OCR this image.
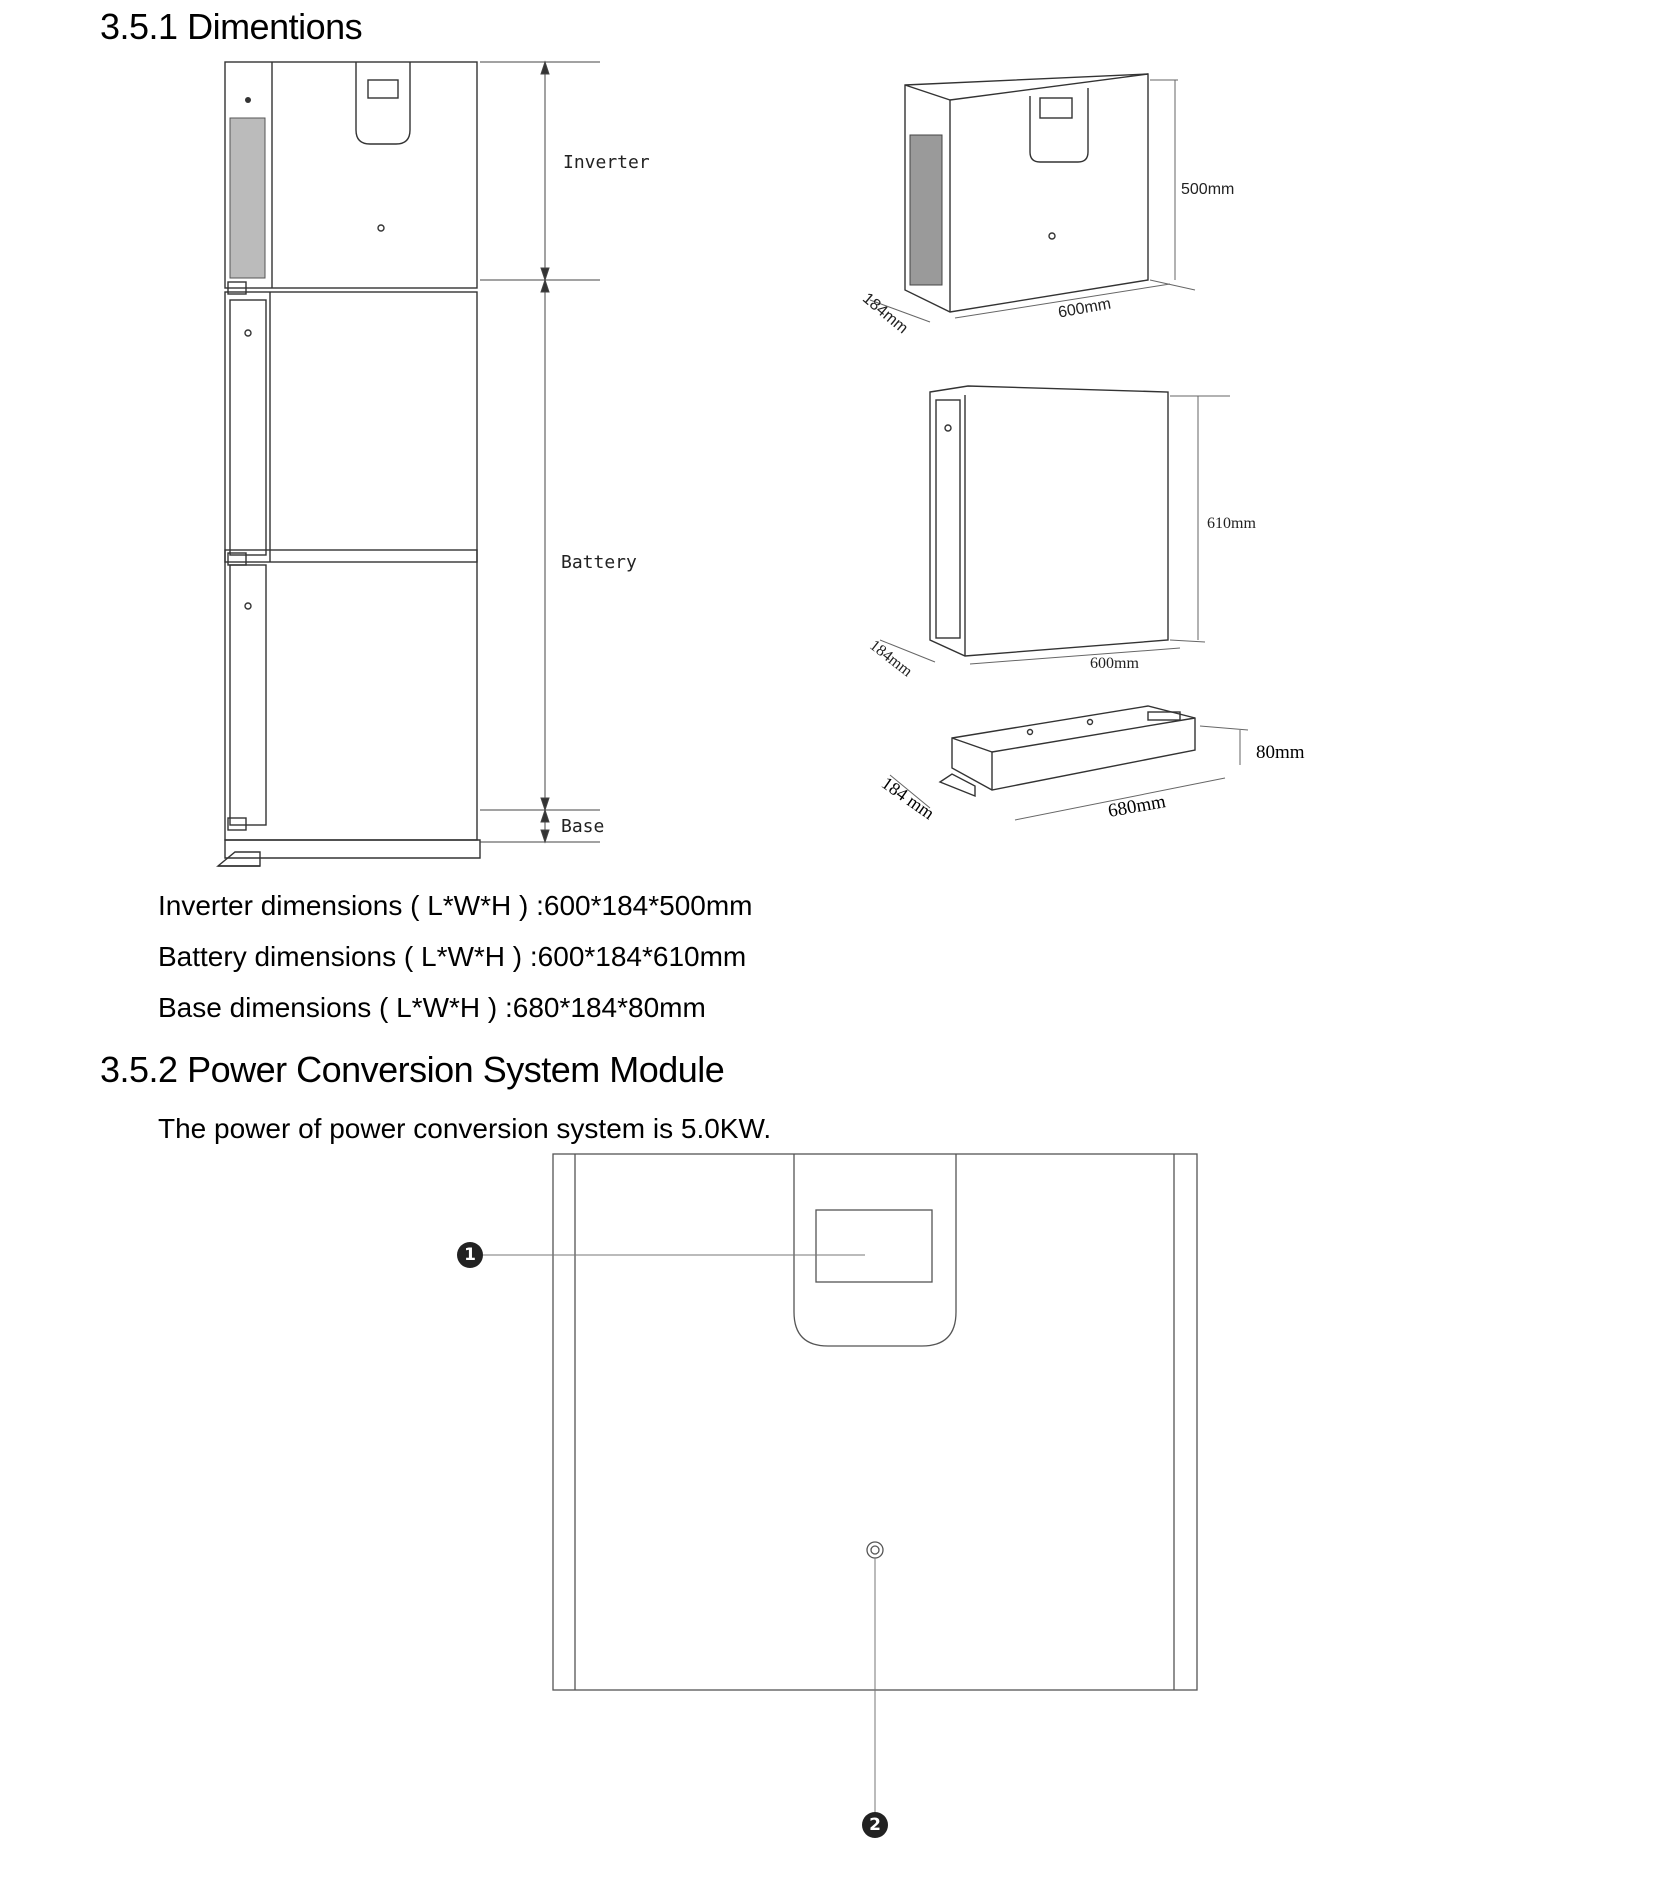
3.5.1 Dimentions
Inverter
Battery
Base
500mm
600mm
184mm
610mm
600mm
184mm
80mm
680mm
184 mm
Inverter dimensions ( L*W*H ) :600*184*500mm
Battery dimensions ( L*W*H ) :600*184*610mm
Base dimensions ( L*W*H ) :680*184*80mm
3.5.2 Power Conversion System Module
The power of power conversion system is 5.0KW.
1
2
